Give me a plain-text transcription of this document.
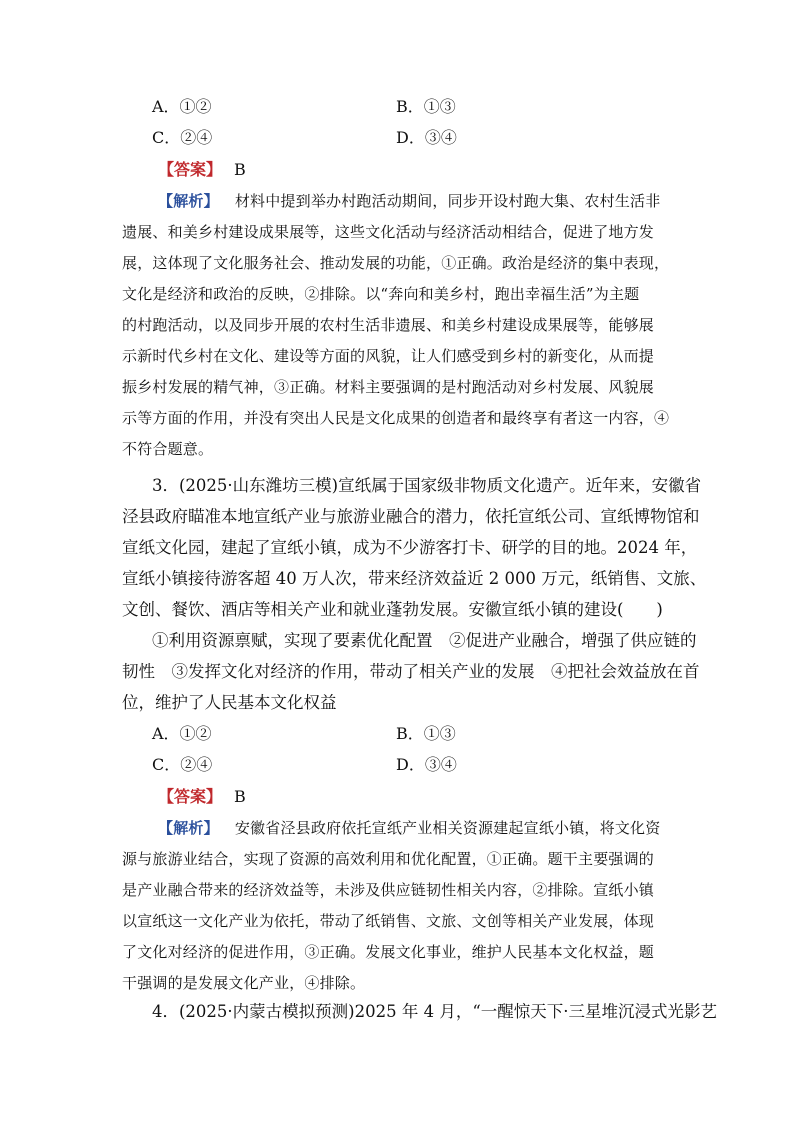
A．①②	B．①③
C．②④	D．③④
【答案】 B
【解析】 材料中提到举办村跑活动期间，同步开设村跑大集、农村生活非
遗展、和美乡村建设成果展等，这些文化活动与经济活动相结合，促进了地方发
展，这体现了文化服务社会、推动发展的功能，①正确。政治是经济的集中表现，
文化是经济和政治的反映，②排除。以“奔向和美乡村，跑出幸福生活”为主题
的村跑活动，以及同步开展的农村生活非遗展、和美乡村建设成果展等，能够展
示新时代乡村在文化、建设等方面的风貌，让人们感受到乡村的新变化，从而提
振乡村发展的精气神，③正确。材料主要强调的是村跑活动对乡村发展、风貌展
示等方面的作用，并没有突出人民是文化成果的创造者和最终享有者这一内容，④
不符合题意。
3．(2025·山东潍坊三模)宣纸属于国家级非物质文化遗产。近年来，安徽省
泾县政府瞄准本地宣纸产业与旅游业融合的潜力，依托宣纸公司、宣纸博物馆和
宣纸文化园，建起了宣纸小镇，成为不少游客打卡、研学的目的地。2024 年，
宣纸小镇接待游客超 40 万人次，带来经济效益近 2 000 万元，纸销售、文旅、
文创、餐饮、酒店等相关产业和就业蓬勃发展。安徽宣纸小镇的建设(　　)
①利用资源禀赋，实现了要素优化配置　②促进产业融合，增强了供应链的
韧性　③发挥文化对经济的作用，带动了相关产业的发展　④把社会效益放在首
位，维护了人民基本文化权益
A．①②	B．①③
C．②④	D．③④
【答案】 B
【解析】 安徽省泾县政府依托宣纸产业相关资源建起宣纸小镇，将文化资
源与旅游业结合，实现了资源的高效利用和优化配置，①正确。题干主要强调的
是产业融合带来的经济效益等，未涉及供应链韧性相关内容，②排除。宣纸小镇
以宣纸这一文化产业为依托，带动了纸销售、文旅、文创等相关产业发展，体现
了文化对经济的促进作用，③正确。发展文化事业，维护人民基本文化权益，题
干强调的是发展文化产业，④排除。
4．(2025·内蒙古模拟预测)2025 年 4 月，“一醒惊天下·三星堆沉浸式光影艺
